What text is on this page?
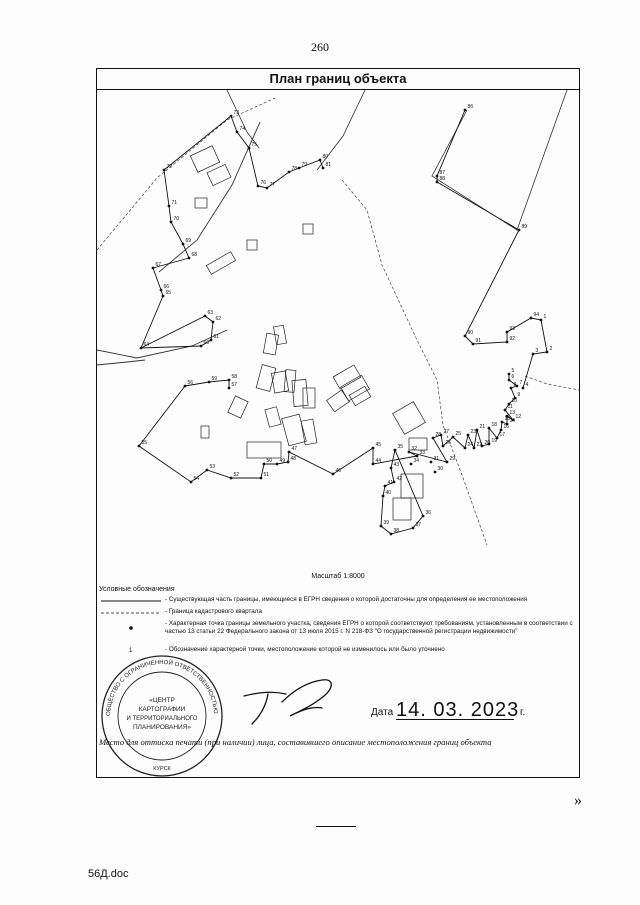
260
План границ объекта
1
2
3
4
5
6
7
8
9
10
11
12
13
14
15
16
17
18
19
20
21
22
23
24
25
26
27
28
29
30
31
32
33
34
35
36
37
38
39
40
41
42
43
44
45
46
47
48
49
50
51
52
53
54
55
56	57
58
59
60
61
62
63
64
65
66
67
68
69
70
71
72
73
74
75
76 77
78
79
80
81
86
87
88
89
90
91	92
93
94
Масштаб 1:8000
Условные обозначения
- Существующая часть границы, имеющиеся в ЕГРН сведения о которой достаточны для определения ее местоположения
- Граница кадастрового квартала
- Характерная точка границы земельного участка, сведения ЕГРН о которой соответствуют требованиям, установленным в соответствии с частью 13 статьи 22 Федерального закона от 13 июля 2015 г. N 218-ФЗ "О государственной регистрации недвижимости"
1	- Обозначение характерной точки, местоположение которой не изменилось или было уточнено
ОБЩЕСТВО С ОГРАНИЧЕННОЙ ОТВЕТСТВЕННОСТЬЮ
«ЦЕНТР
КАРТОГРАФИИ
И ТЕРРИТОРИАЛЬНОГО
ПЛАНИРОВАНИЯ»
КУРСК
Дата 14. 03. 2023 г.
Место для оттиска печати (при наличии) лица, составившего описание местоположения границ объекта
»
56Д.doc
